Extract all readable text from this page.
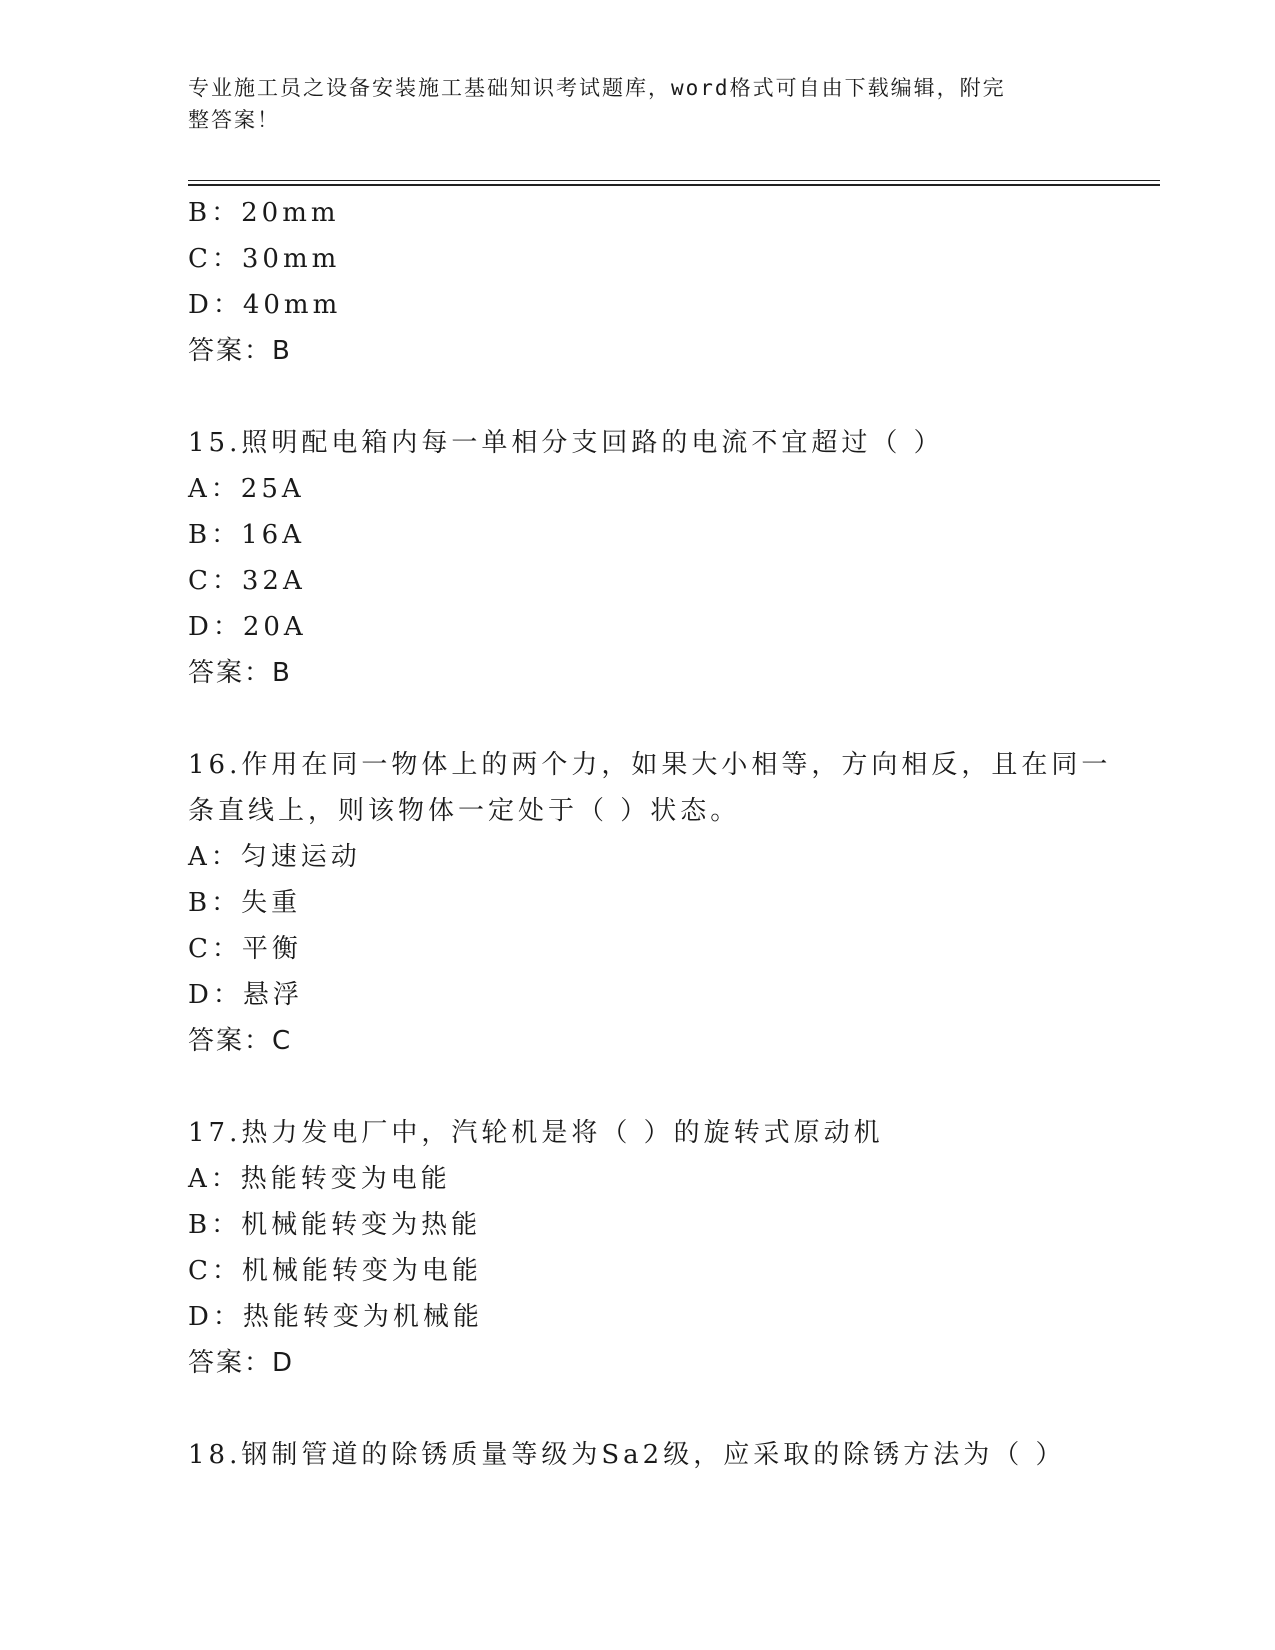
专业施工员之设备安装施工基础知识考试题库，word格式可自由下载编辑，附完
整答案！
B：20mm
C：30mm
D：40mm
答案：B
15.照明配电箱内每一单相分支回路的电流不宜超过（ ）
A：25A
B：16A
C：32A
D：20A
答案：B
16.作用在同一物体上的两个力，如果大小相等，方向相反，且在同一
条直线上，则该物体一定处于（ ）状态。
A：匀速运动
B：失重
C：平衡
D：悬浮
答案：C
17.热力发电厂中，汽轮机是将（ ）的旋转式原动机
A：热能转变为电能
B：机械能转变为热能
C：机械能转变为电能
D：热能转变为机械能
答案：D
18.钢制管道的除锈质量等级为Sa2级，应采取的除锈方法为（ ）
